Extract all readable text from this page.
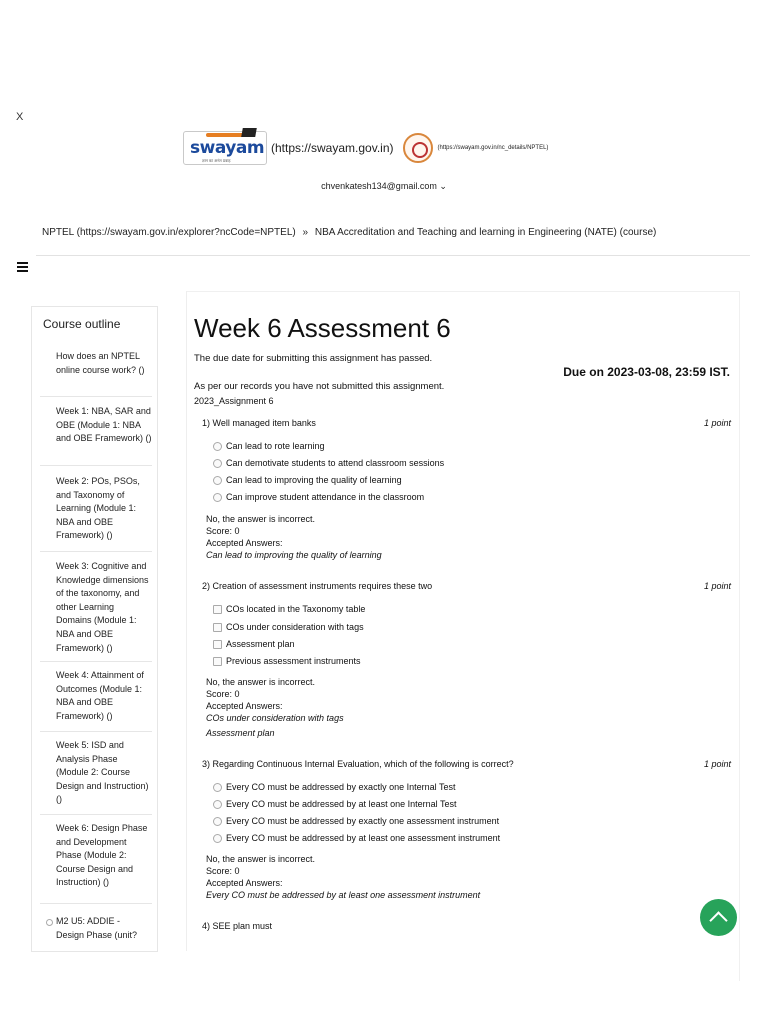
X
swayam
ज्ञान का अनंत प्रवाह
(https://swayam.gov.in)	(https://swayam.gov.in/nc_details/NPTEL)
chvenkatesh134@gmail.com ⌄
NPTEL (https://swayam.gov.in/explorer?ncCode=NPTEL) » NBA Accreditation and Teaching and learning in Engineering (NATE) (course)
Course outline
How does an NPTEL online course work? ()
Week 1: NBA, SAR and OBE (Module 1: NBA and OBE Framework) ()
Week 2: POs, PSOs, and Taxonomy of Learning (Module 1: NBA and OBE Framework) ()
Week 3: Cognitive and Knowledge dimensions of the taxonomy, and other Learning Domains (Module 1: NBA and OBE Framework) ()
Week 4: Attainment of Outcomes (Module 1: NBA and OBE Framework) ()
Week 5: ISD and Analysis Phase (Module 2: Course Design and Instruction) ()
Week 6: Design Phase and Development Phase (Module 2: Course Design and Instruction) ()
M2 U5: ADDIE - Design Phase (unit?
Week 6 Assessment 6
The due date for submitting this assignment has passed.
Due on 2023-03-08, 23:59 IST.
As per our records you have not submitted this assignment.
2023_Assignment 6
1) Well managed item banks	1 point
Can lead to rote learning
Can demotivate students to attend classroom sessions
Can lead to improving the quality of learning
Can improve student attendance in the classroom
No, the answer is incorrect.
Score: 0
Accepted Answers:
Can lead to improving the quality of learning
2) Creation of assessment instruments requires these two	1 point
COs located in the Taxonomy table
COs under consideration with tags
Assessment plan
Previous assessment instruments
No, the answer is incorrect.
Score: 0
Accepted Answers:
COs under consideration with tags
Assessment plan
3) Regarding Continuous Internal Evaluation, which of the following is correct?	1 point
Every CO must be addressed by exactly one Internal Test
Every CO must be addressed by at least one Internal Test
Every CO must be addressed by exactly one assessment instrument
Every CO must be addressed by at least one assessment instrument
No, the answer is incorrect.
Score: 0
Accepted Answers:
Every CO must be addressed by at least one assessment instrument
4) SEE plan must
